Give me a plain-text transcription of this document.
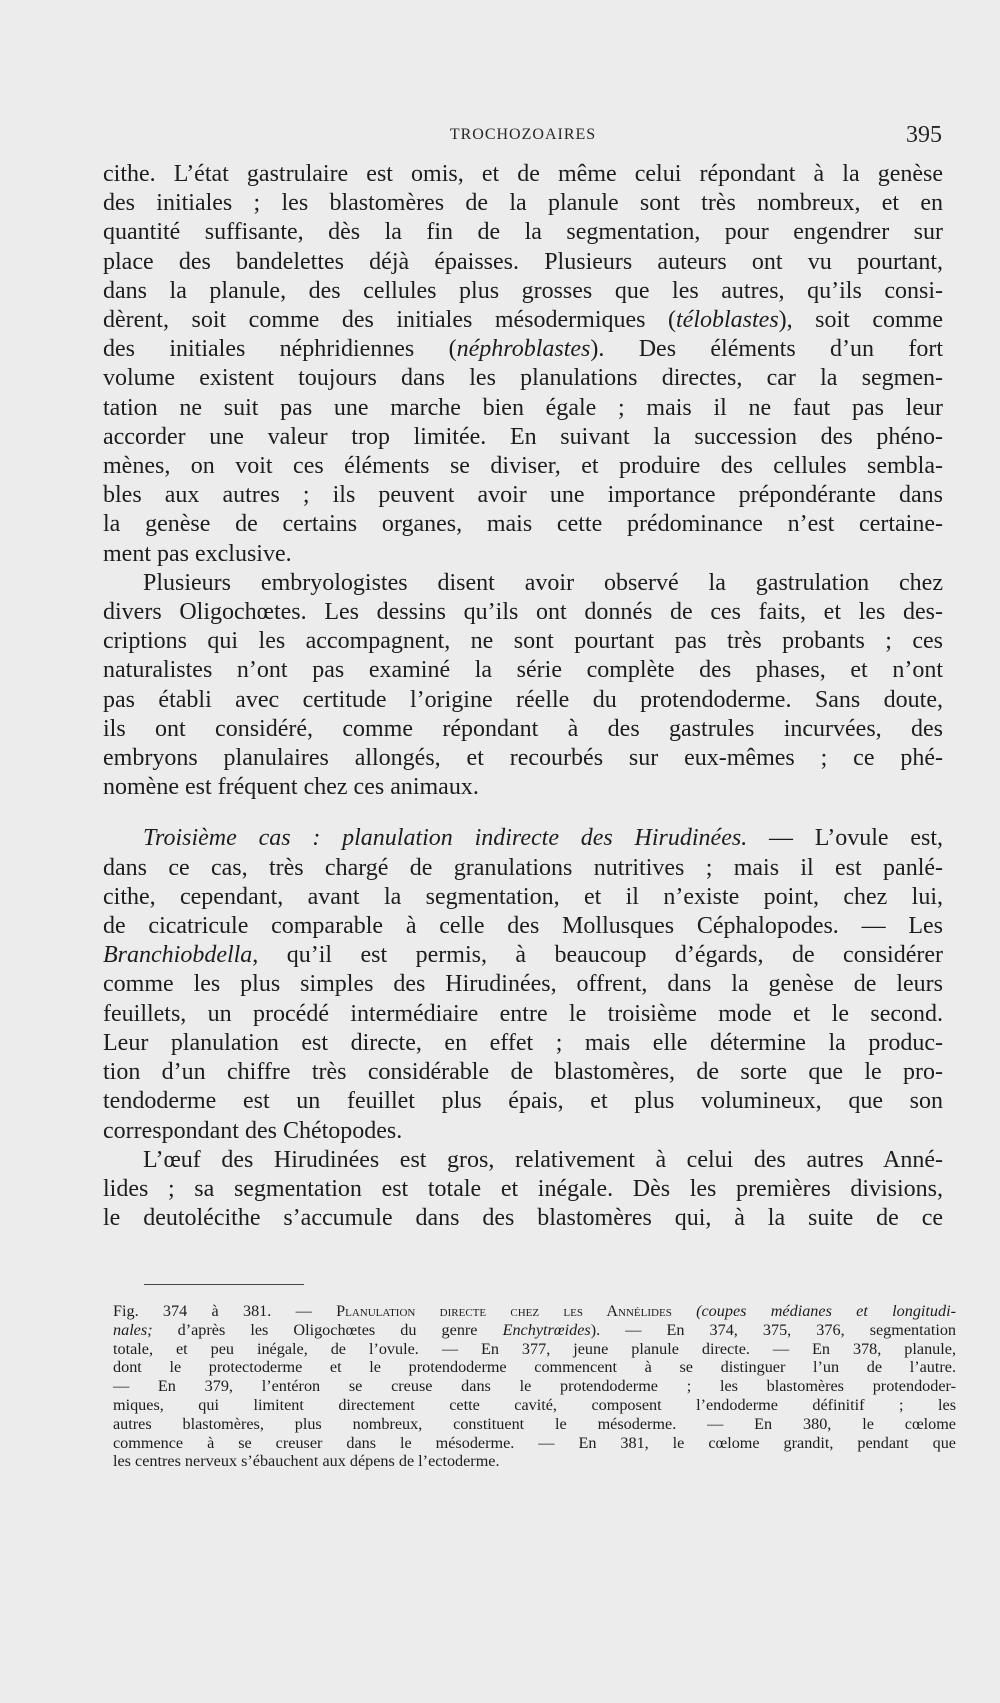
TROCHOZOAIRES	395
cithe. L’état gastrulaire est omis, et de même celui répondant à la genèse
des initiales ; les blastomères de la planule sont très nombreux, et en
quantité suffisante, dès la fin de la segmentation, pour engendrer sur
place des bandelettes déjà épaisses. Plusieurs auteurs ont vu pourtant,
dans la planule, des cellules plus grosses que les autres, qu’ils consi-
dèrent, soit comme des initiales mésodermiques (téloblastes), soit comme
des initiales néphridiennes (néphroblastes). Des éléments d’un fort
volume existent toujours dans les planulations directes, car la segmen-
tation ne suit pas une marche bien égale ; mais il ne faut pas leur
accorder une valeur trop limitée. En suivant la succession des phéno-
mènes, on voit ces éléments se diviser, et produire des cellules sembla-
bles aux autres ; ils peuvent avoir une importance prépondérante dans
la genèse de certains organes, mais cette prédominance n’est certaine-
ment pas exclusive.
Plusieurs embryologistes disent avoir observé la gastrulation chez
divers Oligochœtes. Les dessins qu’ils ont donnés de ces faits, et les des-
criptions qui les accompagnent, ne sont pourtant pas très probants ; ces
naturalistes n’ont pas examiné la série complète des phases, et n’ont
pas établi avec certitude l’origine réelle du protendoderme. Sans doute,
ils ont considéré, comme répondant à des gastrules incurvées, des
embryons planulaires allongés, et recourbés sur eux-mêmes ; ce phé-
nomène est fréquent chez ces animaux.
Troisième cas : planulation indirecte des Hirudinées. — L’ovule est,
dans ce cas, très chargé de granulations nutritives ; mais il est panlé-
cithe, cependant, avant la segmentation, et il n’existe point, chez lui,
de cicatricule comparable à celle des Mollusques Céphalopodes. — Les
Branchiobdella, qu’il est permis, à beaucoup d’égards, de considérer
comme les plus simples des Hirudinées, offrent, dans la genèse de leurs
feuillets, un procédé intermédiaire entre le troisième mode et le second.
Leur planulation est directe, en effet ; mais elle détermine la produc-
tion d’un chiffre très considérable de blastomères, de sorte que le pro-
tendoderme est un feuillet plus épais, et plus volumineux, que son
correspondant des Chétopodes.
L’œuf des Hirudinées est gros, relativement à celui des autres Anné-
lides ; sa segmentation est totale et inégale. Dès les premières divisions,
le deutolécithe s’accumule dans des blastomères qui, à la suite de ce
Fig. 374 à 381. — Planulation directe chez les Annélides (coupes médianes et longitudi-
nales; d’après les Oligochœtes du genre Enchytrœides). — En 374, 375, 376, segmentation
totale, et peu inégale, de l’ovule. — En 377, jeune planule directe. — En 378, planule,
dont le protectoderme et le protendoderme commencent à se distinguer l’un de l’autre.
— En 379, l’entéron se creuse dans le protendoderme ; les blastomères protendoder-
miques, qui limitent directement cette cavité, composent l’endoderme définitif ; les
autres blastomères, plus nombreux, constituent le mésoderme. — En 380, le cœlome
commence à se creuser dans le mésoderme. — En 381, le cœlome grandit, pendant que
les centres nerveux s’ébauchent aux dépens de l’ectoderme.
